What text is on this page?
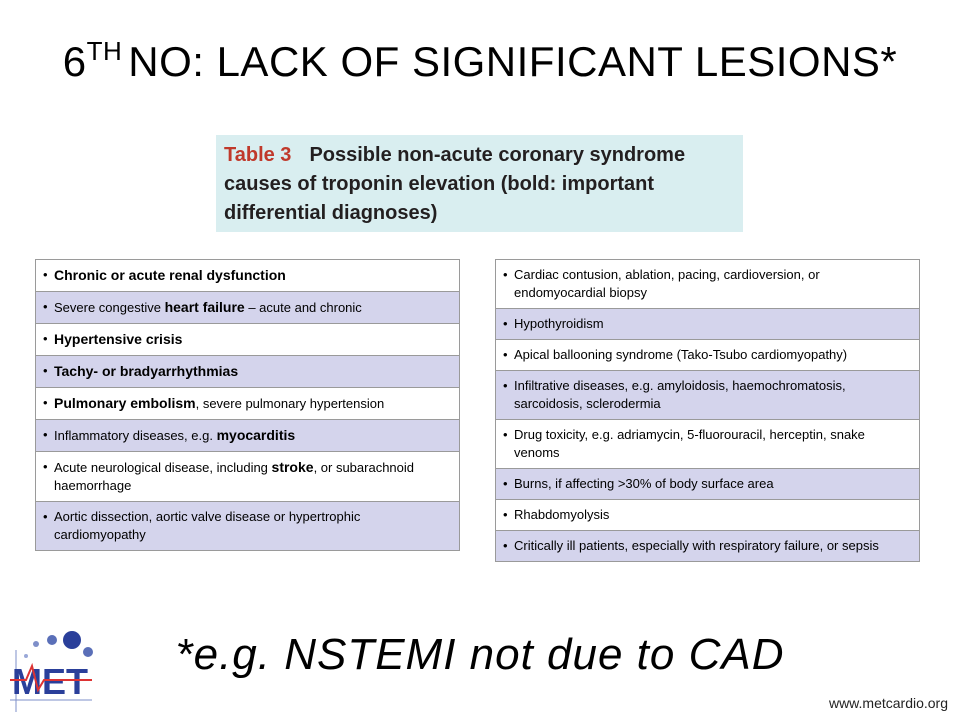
6TH NO: LACK OF SIGNIFICANT LESIONS*
Table 3 Possible non-acute coronary syndrome
causes of troponin elevation (bold: important
differential diagnoses)
• Chronic or acute renal dysfunction
• Severe congestive heart failure – acute and chronic
• Hypertensive crisis
• Tachy- or bradyarrhythmias
• Pulmonary embolism, severe pulmonary hypertension
• Inflammatory diseases, e.g. myocarditis
• Acute neurological disease, including stroke, or subarachnoid haemorrhage
• Aortic dissection, aortic valve disease or hypertrophic cardiomyopathy
• Cardiac contusion, ablation, pacing, cardioversion, or endomyocardial biopsy
• Hypothyroidism
• Apical ballooning syndrome (Tako-Tsubo cardiomyopathy)
• Infiltrative diseases, e.g. amyloidosis, haemochromatosis, sarcoidosis, sclerodermia
• Drug toxicity, e.g. adriamycin, 5-fluorouracil, herceptin, snake venoms
• Burns, if affecting >30% of body surface area
• Rhabdomyolysis
• Critically ill patients, especially with respiratory failure, or sepsis
*e.g. NSTEMI not due to CAD
www.metcardio.org
MET
